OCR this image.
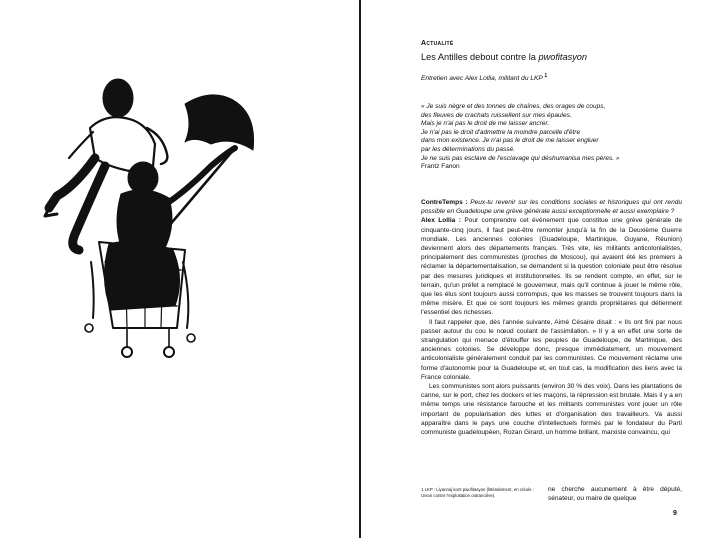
Actualité
Les Antilles debout contre la pwofitasyon
Entretien avec Alex Lollia, militant du LKP $^1$
« Je suis nègre et des tonnes de chaînes, des orages de coups,
des fleuves de crachats ruissellent sur mes épaules.
Mais je n'ai pas le droit de me laisser ancrer.
Je n'ai pas le droit d'admettre la moindre parcelle d'être
dans mon existence. Je n'ai pas le droit de me laisser engluer
par les déterminations du passé.
Je ne suis pas esclave de l'esclavage qui déshumanisa mes pères. »
Frantz Fanon

ContreTemps : Peux-tu revenir sur les conditions sociales et historiques qui ont rendu possible en Guadeloupe une grève générale aussi exceptionnelle et aussi exemplaire ?

Alex Lollia : Pour comprendre cet événement que constitue une grève générale de cinquante-cinq jours, il faut peut-être remonter jusqu'à la fin de la Deuxième Guerre mondiale. Les anciennes colonies (Guadeloupe, Martinique, Guyane, Réunion) deviennent alors des départements français. Très vite, les militants anticolonialistes, principalement des communistes (proches de Moscou), qui avaient été les premiers à réclamer la départementalisation, se demandent si la question coloniale peut être résolue par des mesures juridiques et institutionnelles. Ils se rendent compte, en effet, sur le terrain, qu'un préfet a remplacé le gouverneur, mais qu'il continue à jouer le même rôle, que les élus sont toujours aussi corrompus, que les masses se trouvent toujours dans la même misère. Et que ce sont toujours les mêmes grands propriétaires qui détiennent l'essentiel des richesses.

Il faut rappeler que, dès l'année suivante, Aimé Césaire disait : « Ils ont fini par nous passer autour du cou le nœud coulant de l'assimilation. » Il y a en effet une sorte de strangulation qui menace d'étouffer les peuples de Guadeloupe, de Martinique, des anciennes colonies. Se développe donc, presque immédiatement, un mouvement anticolonialiste généralement conduit par les communistes. Ce mouvement réclame une forme d'autonomie pour la Guadeloupe et, en tout cas, la modification des liens avec la France coloniale.

Les communistes sont alors puissants (environ 30 % des voix). Dans les plantations de canne, sur le port, chez les dockers et les maçons, la répression est brutale. Mais il y a en même temps une résistance farouche et les militants communistes vont jouer un rôle important de popularisation des luttes et d'organisation des travailleurs. Va aussi apparaître dans le pays une couche d'intellectuels formés par le fondateur du Parti communiste guadeloupéen, Rozan Girard, un homme brillant, marxiste convaincu, qui

1 LKP : Liyannaj kont pwofitasyon (littéralement, en créole : Union contre l'exploitation outrancière).

ne cherche aucunement à être député, sénateur, ou maire de quelque

9
